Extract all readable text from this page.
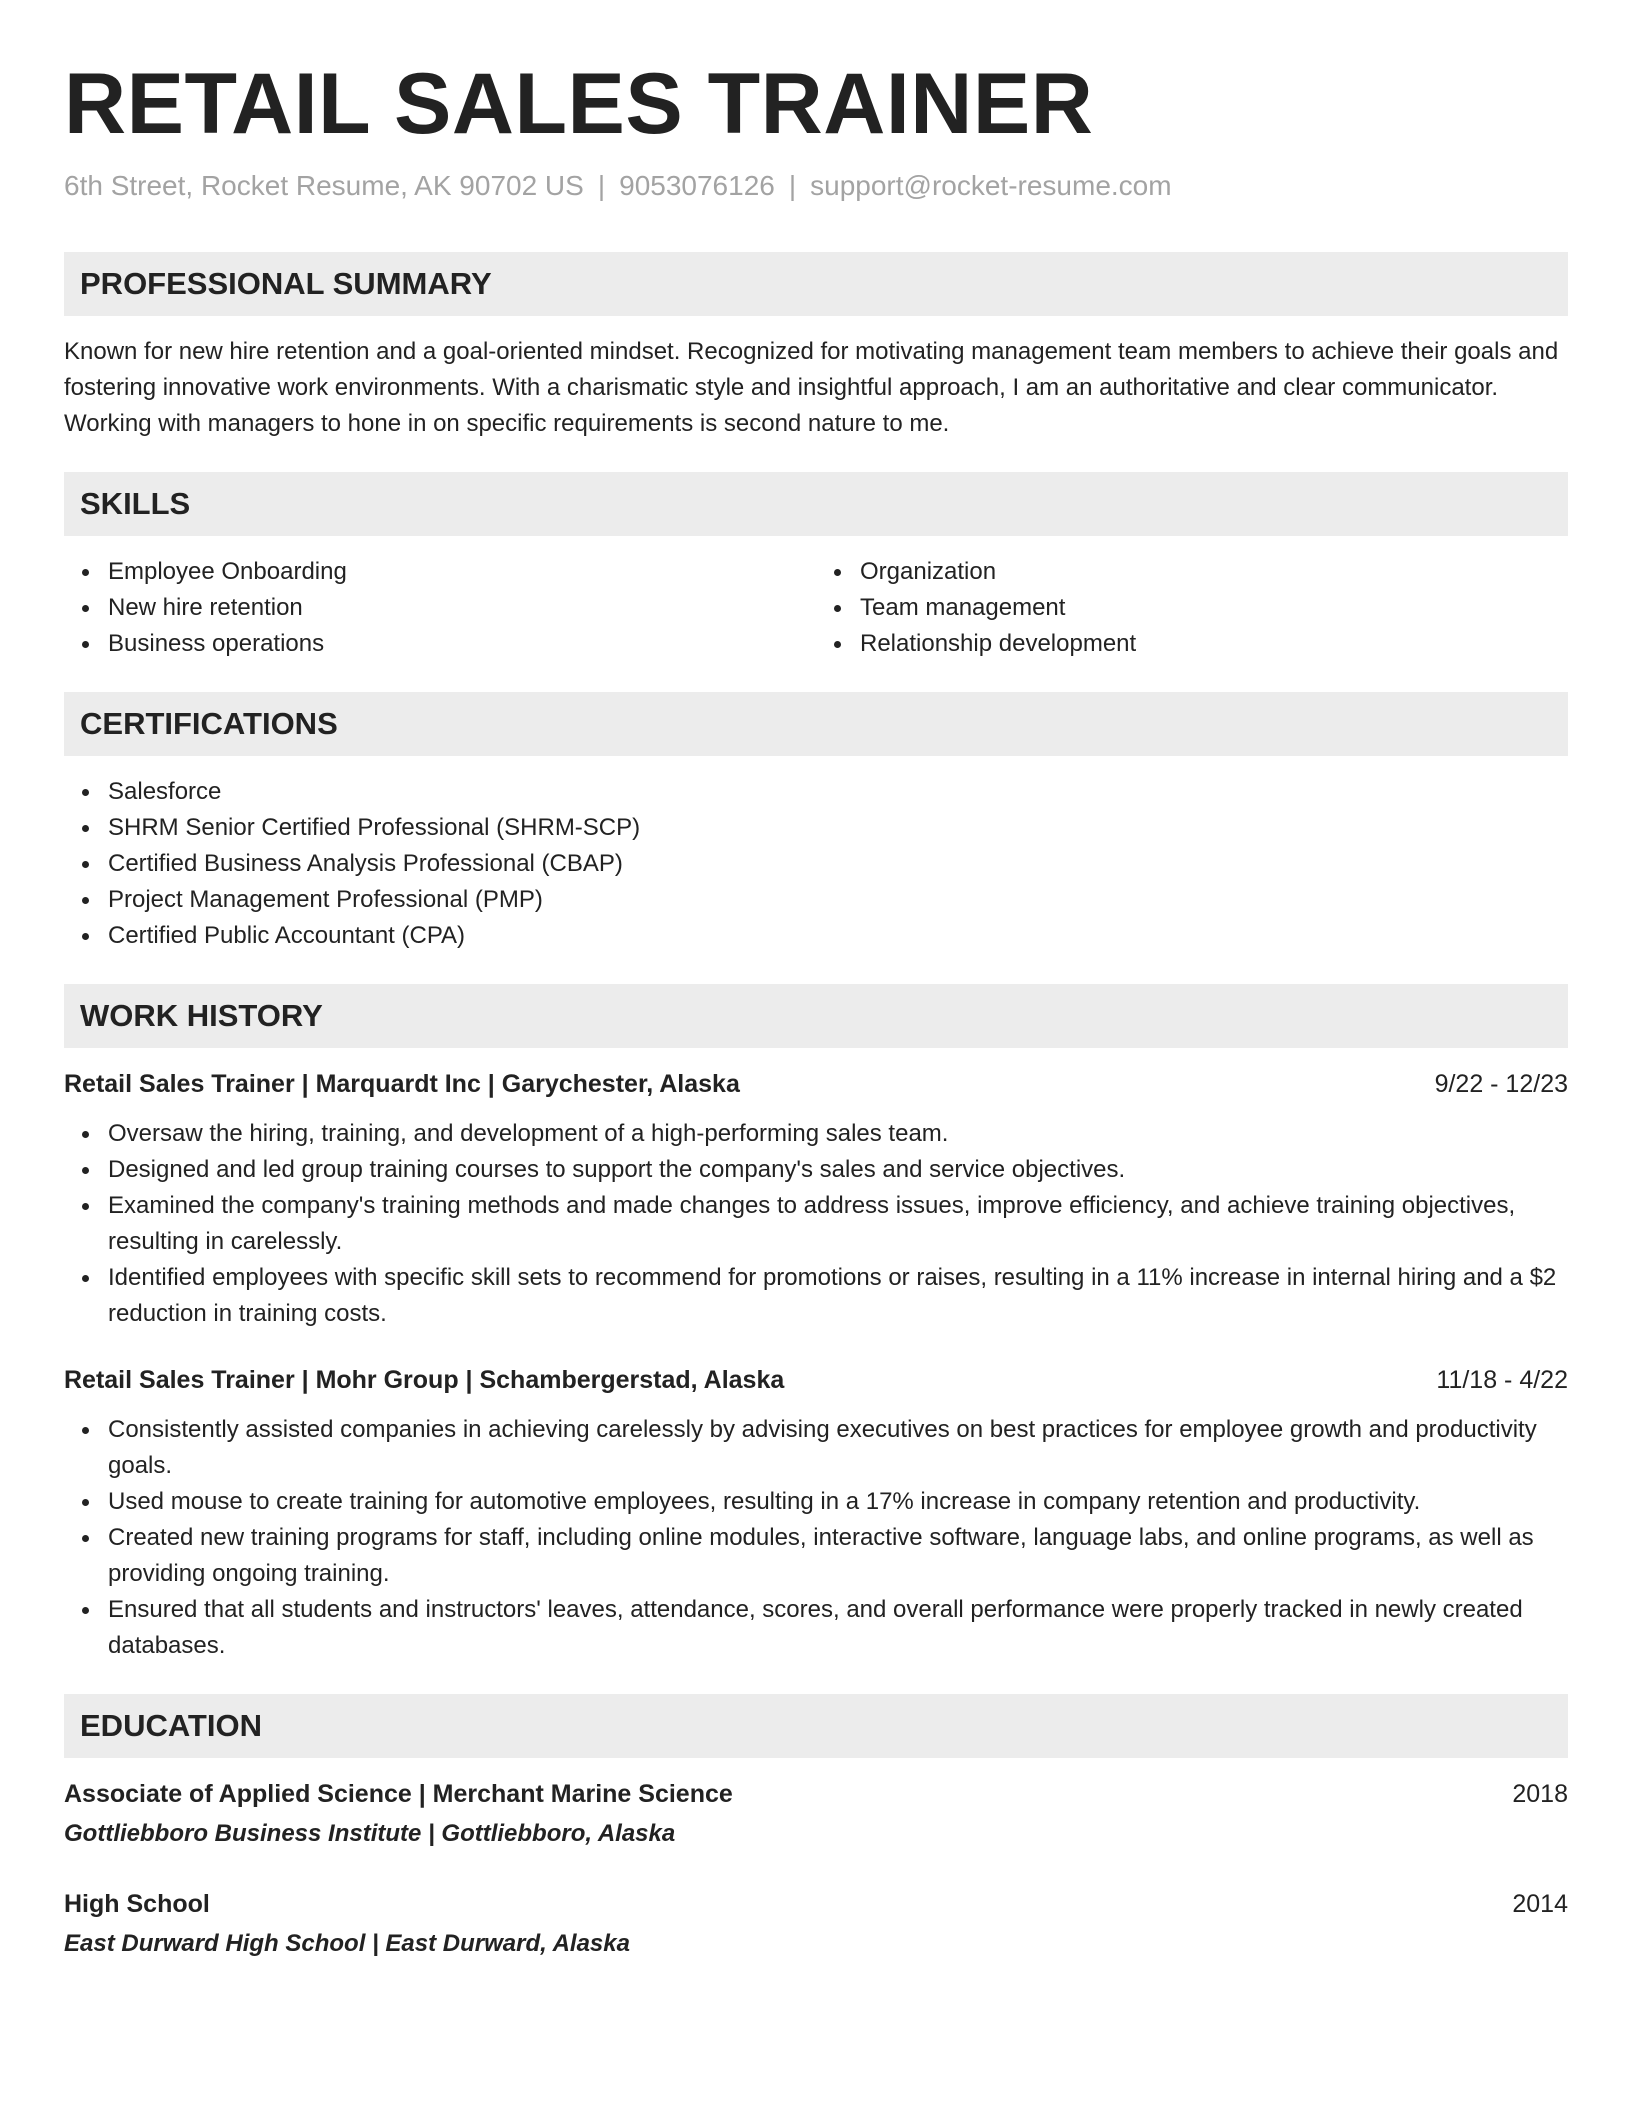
RETAIL SALES TRAINER
6th Street, Rocket Resume, AK 90702 US | 9053076126 | support@rocket-resume.com
PROFESSIONAL SUMMARY

Known for new hire retention and a goal-oriented mindset. Recognized for motivating management team members to achieve their goals and fostering innovative work environments. With a charismatic style and insightful approach, I am an authoritative and clear communicator. Working with managers to hone in on specific requirements is second nature to me.

SKILLS
Employee Onboarding
New hire retention
Business operations
Organization
Team management
Relationship development
CERTIFICATIONS
Salesforce
SHRM Senior Certified Professional (SHRM-SCP)
Certified Business Analysis Professional (CBAP)
Project Management Professional (PMP)
Certified Public Accountant (CPA)
WORK HISTORY
Retail Sales Trainer | Marquardt Inc | Garychester, Alaska	9/22 - 12/23
Oversaw the hiring, training, and development of a high-performing sales team.
Designed and led group training courses to support the company's sales and service objectives.
Examined the company's training methods and made changes to address issues, improve efficiency, and achieve training objectives, resulting in carelessly.
Identified employees with specific skill sets to recommend for promotions or raises, resulting in a 11% increase in internal hiring and a $2 reduction in training costs.
Retail Sales Trainer | Mohr Group | Schambergerstad, Alaska	11/18 - 4/22
Consistently assisted companies in achieving carelessly by advising executives on best practices for employee growth and productivity goals.
Used mouse to create training for automotive employees, resulting in a 17% increase in company retention and productivity.
Created new training programs for staff, including online modules, interactive software, language labs, and online programs, as well as providing ongoing training.
Ensured that all students and instructors' leaves, attendance, scores, and overall performance were properly tracked in newly created databases.
EDUCATION
Associate of Applied Science | Merchant Marine Science	2018
Gottliebboro Business Institute | Gottliebboro, Alaska
High School	2014
East Durward High School | East Durward, Alaska
